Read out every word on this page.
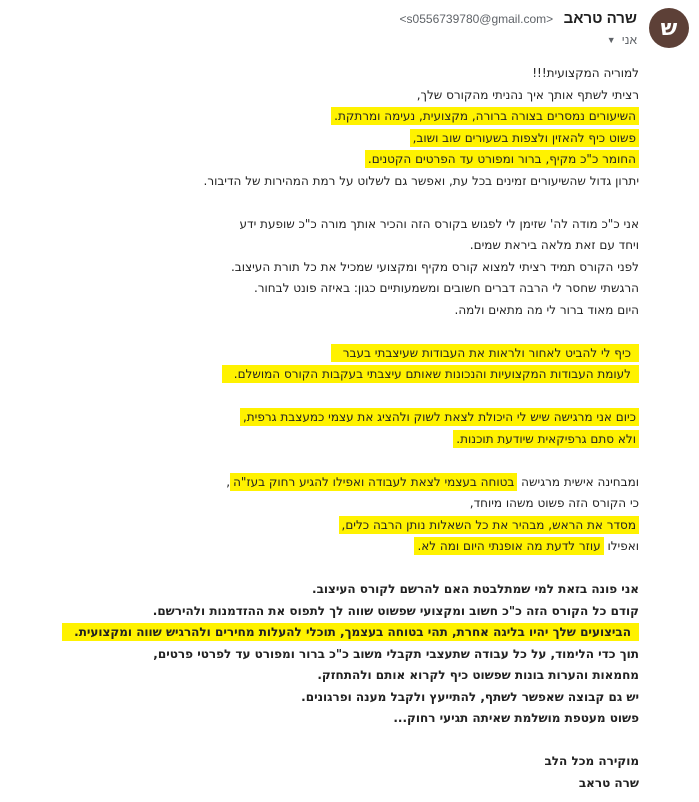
ש
שרה טראב <s0556739780@gmail.com>
אני▼
למוריה המקצועית!!!
רציתי לשתף אותך איך נהניתי מהקורס שלך,
השיעורים נמסרים בצורה ברורה, מקצועית, נעימה ומרתקת.
פשוט כיף להאזין ולצפות בשעורים שוב ושוב,
החומר כ"כ מקיף, ברור ומפורט עד הפרטים הקטנים.
יתרון גדול שהשיעורים זמינים בכל עת, ואפשר גם לשלוט על רמת המהירות של הדיבור.
אני כ"כ מודה לה' שזימן לי לפגוש בקורס הזה והכיר אותך מורה כ"כ שופעת ידע
ויחד עם זאת מלאה ביראת שמים.
לפני הקורס תמיד רציתי למצוא קורס מקיף ומקצועי שמכיל את כל תורת העיצוב.
הרגשתי שחסר לי הרבה דברים חשובים ומשמעותיים כגון: באיזה פונט לבחור.
היום מאוד ברור לי מה מתאים ולמה.
כיף לי להביט לאחור ולראות את העבודות שעיצבתי בעבר
לעומת העבודות המקצועיות והנכונות שאותם עיצבתי בעקבות הקורס המושלם.
כיום אני מרגישה שיש לי היכולת לצאת לשוק ולהציג את עצמי כמעצבת גרפית,
ולא סתם גרפיקאית שיודעת תוכנות.
ומבחינה אישית מרגישה בטוחה בעצמי לצאת לעבודה ואפילו להגיע רחוק בעז"ה,
כי הקורס הזה פשוט משהו מיוחד,
מסדר את הראש, מבהיר את כל השאלות נותן הרבה כלים,
ואפילו עוזר לדעת מה אופנתי היום ומה לא.
אני פונה בזאת למי שמתלבטת האם להרשם לקורס העיצוב.
קודם כל הקורס הזה כ"כ חשוב ומקצועי שפשוט שווה לך לתפוס את ההזדמנות ולהירשם.
הביצועים שלך יהיו בליגה אחרת, תהי בטוחה בעצמך, תוכלי להעלות מחירים ולהרגיש שווה ומקצועית.
תוך כדי הלימוד, על כל עבודה שתעצבי תקבלי משוב כ"כ ברור ומפורט עד לפרטי פרטים,
מחמאות והערות בונות שפשוט כיף לקרוא אותם ולהתחזק.
יש גם קבוצה שאפשר לשתף, להתייעץ ולקבל מענה ופרגונים.
פשוט מעטפת מושלמת שאיתה תגיעי רחוק...
מוקירה מכל הלב
שרה טראב
